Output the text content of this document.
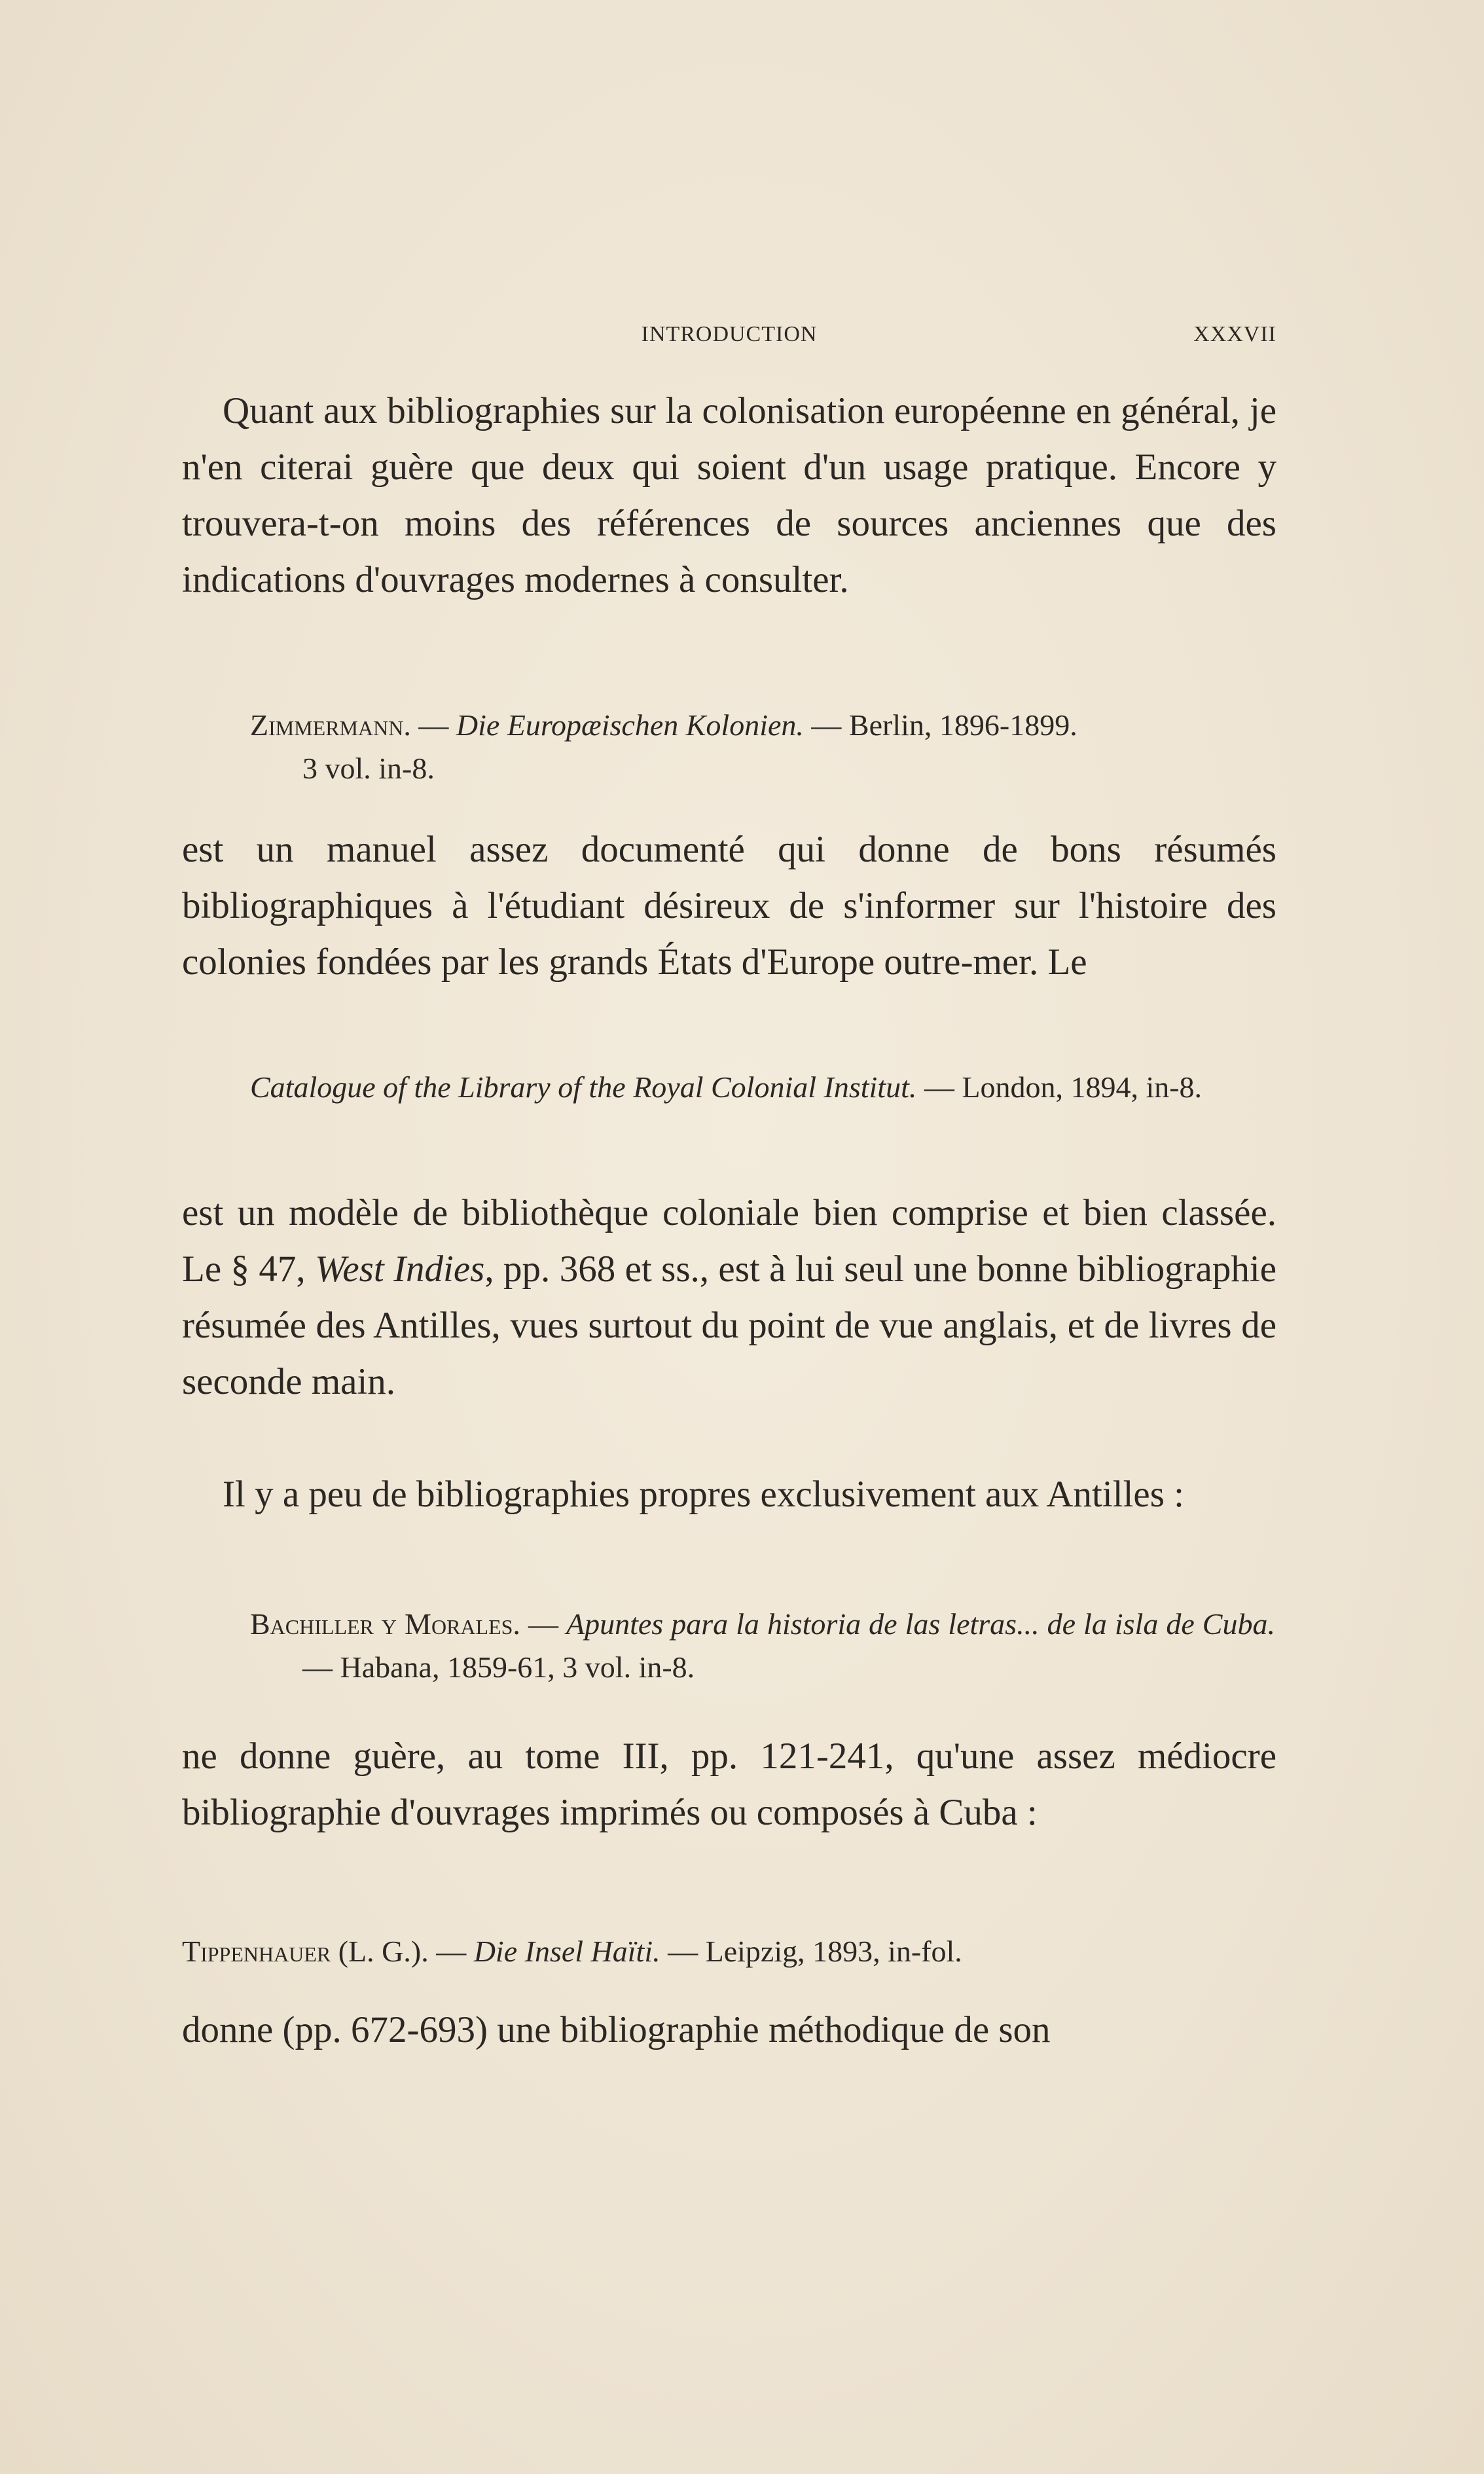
INTRODUCTION	XXXVII

Quant aux bibliographies sur la colonisation européenne en général, je n'en citerai guère que deux qui soient d'un usage pratique. Encore y trouvera-t-on moins des références de sources anciennes que des indications d'ouvrages modernes à consulter.

Zimmermann. — Die Europæischen Kolonien. — Berlin, 1896-1899.
3 vol. in-8.

est un manuel assez documenté qui donne de bons résumés bibliographiques à l'étudiant désireux de s'informer sur l'histoire des colonies fondées par les grands États d'Europe outre-mer. Le

Catalogue of the Library of the Royal Colonial Institut. — London, 1894, in-8.

est un modèle de bibliothèque coloniale bien comprise et bien classée. Le § 47, West Indies, pp. 368 et ss., est à lui seul une bonne bibliographie résumée des Antilles, vues surtout du point de vue anglais, et de livres de seconde main.

Il y a peu de bibliographies propres exclusivement aux Antilles :

Bachiller y Morales. — Apuntes para la historia de las letras... de la isla de Cuba. — Habana, 1859-61, 3 vol. in-8.

ne donne guère, au tome III, pp. 121-241, qu'une assez médiocre bibliographie d'ouvrages imprimés ou composés à Cuba :

Tippenhauer (L. G.). — Die Insel Haïti. — Leipzig, 1893, in-fol.

donne (pp. 672-693) une bibliographie méthodique de son
